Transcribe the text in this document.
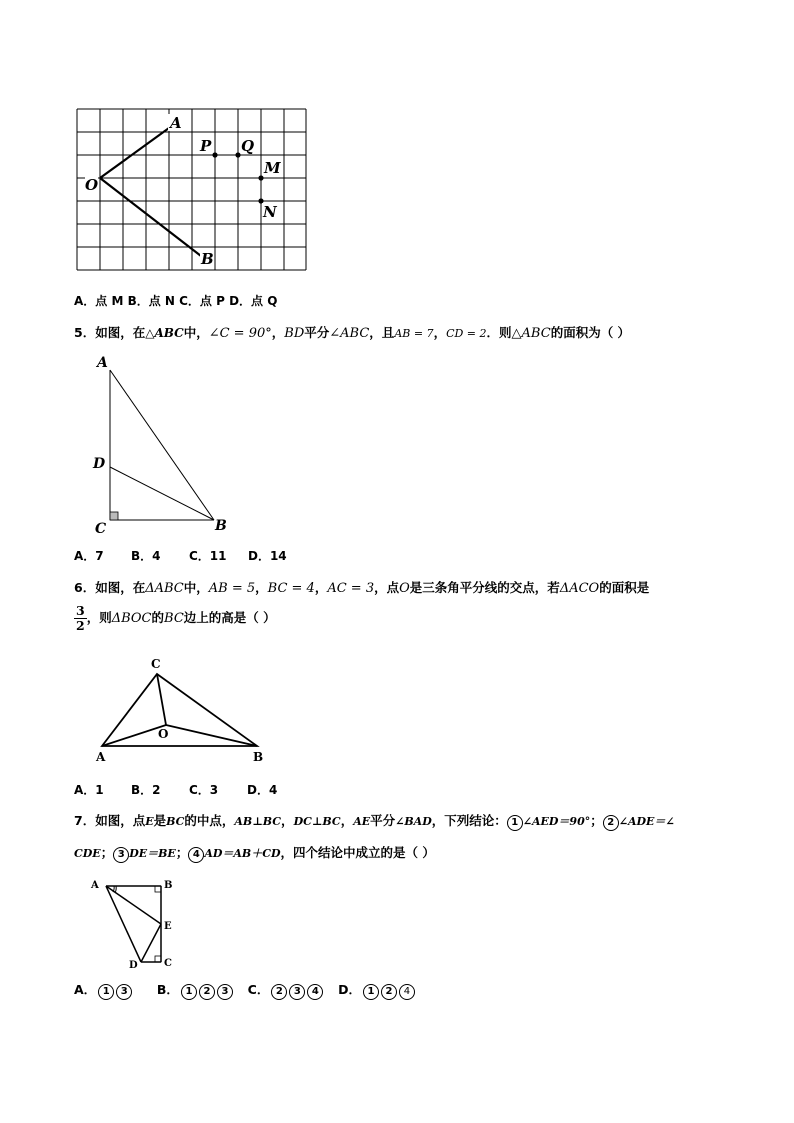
A
O
B
P Q
M
N
A．点 M B．点 N C．点 P D．点 Q
5．如图，在△ABC中，∠C = 90°，BD平分∠ABC，且AB = 7，CD = 2．则△ABC的面积为（ ）
A
D
C	B
A．7 B．4 C．11 D．14
6．如图，在ΔABC中，AB = 5，BC = 4，AC = 3，点O是三条角平分线的交点，若ΔACO的面积是
$\frac{3}{2}$ ，则ΔBOC的BC边上的高是（ ）
C
O
A	B
A．1 B．2 C．3 D．4
7．如图，点E是BC的中点，AB⊥BC，DC⊥BC，AE平分∠BAD，下列结论： 1 ∠AED＝90°； 2 ∠ADE＝∠
CDE； 3 DE＝BE； 4 AD＝AB＋CD，四个结论中成立的是（ ）
A	B
E
D	C
A． 1 3 B． 1 2 3 C． 2 3 4 D． 1 2 4
